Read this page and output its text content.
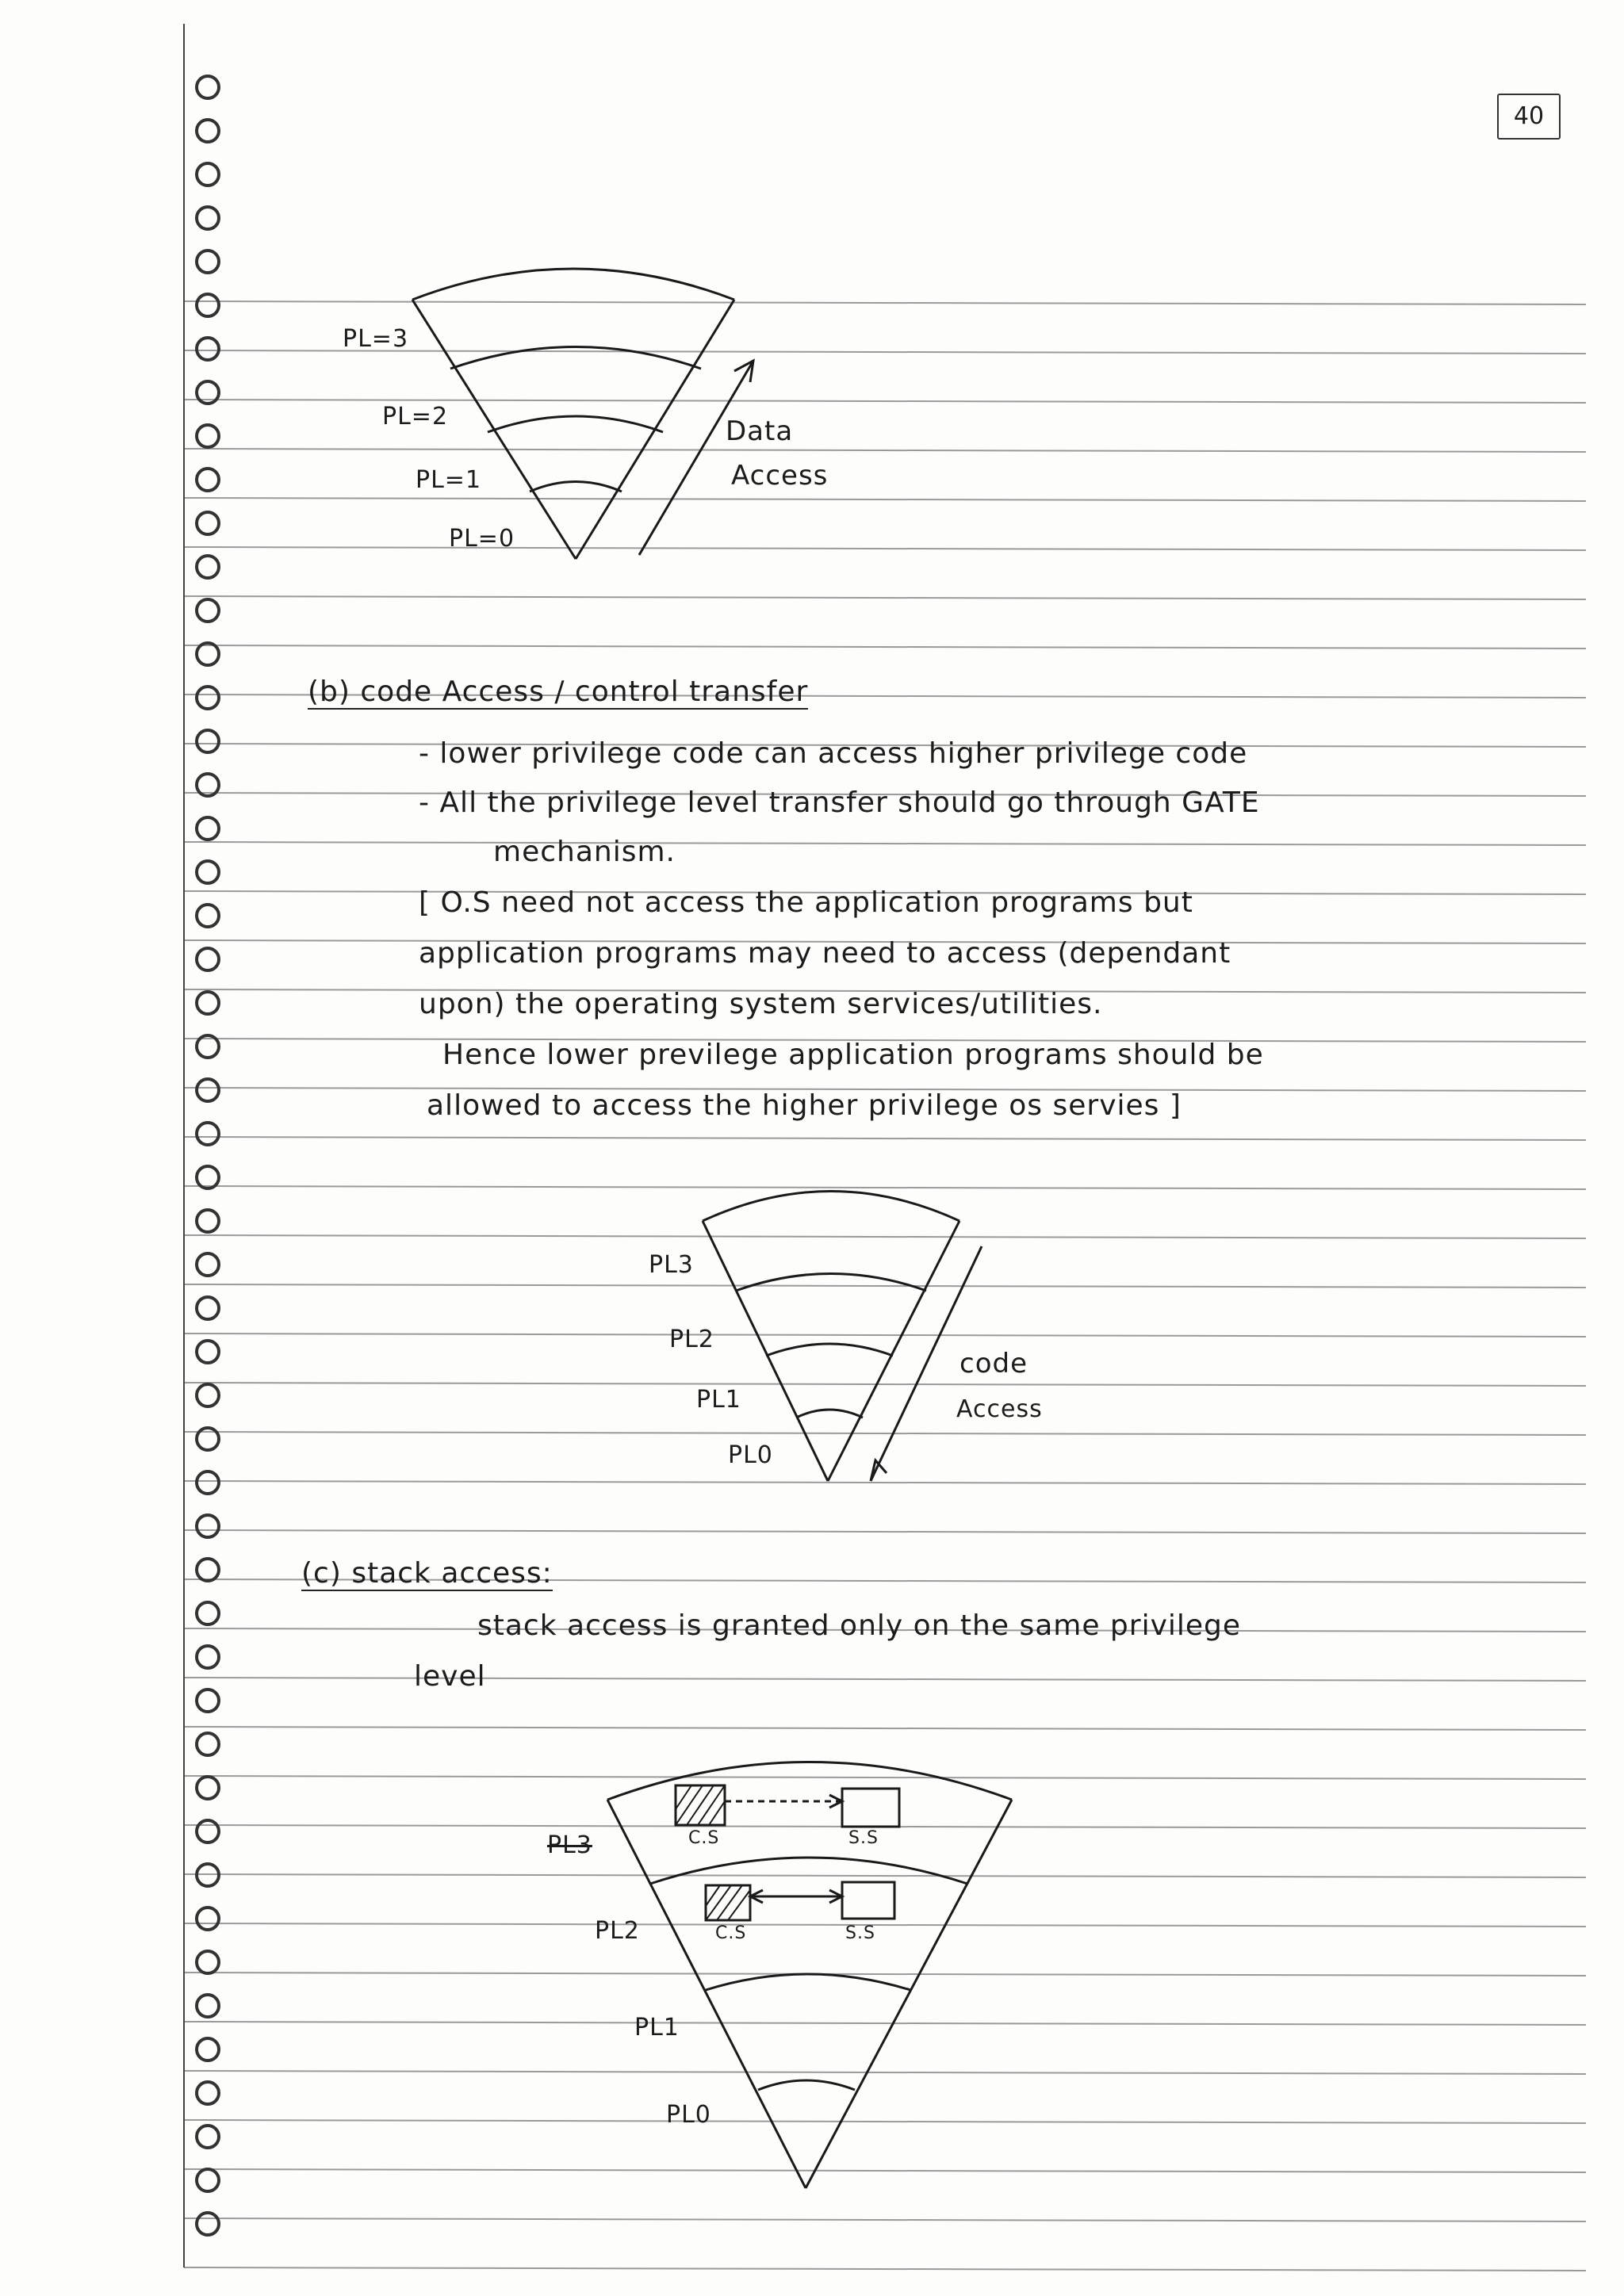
40
PL=3
PL=2
PL=1
PL=0
Data
Access
(b) code Access / control transfer
- lower privilege code can access higher privilege code
- All the privilege level transfer should go through GATE
mechanism.
[ O.S need not access the application programs but
application programs may need to access (dependant
upon) the operating system services/utilities.
Hence lower previlege application programs should be
allowed to access the higher privilege os servies ]
PL3
PL2
PL1
PL0
code
Access
(c) stack access:
stack access is granted only on the same privilege
level
C.S	S.S
C.S	S.S
PL3
PL2
PL1
PL0
